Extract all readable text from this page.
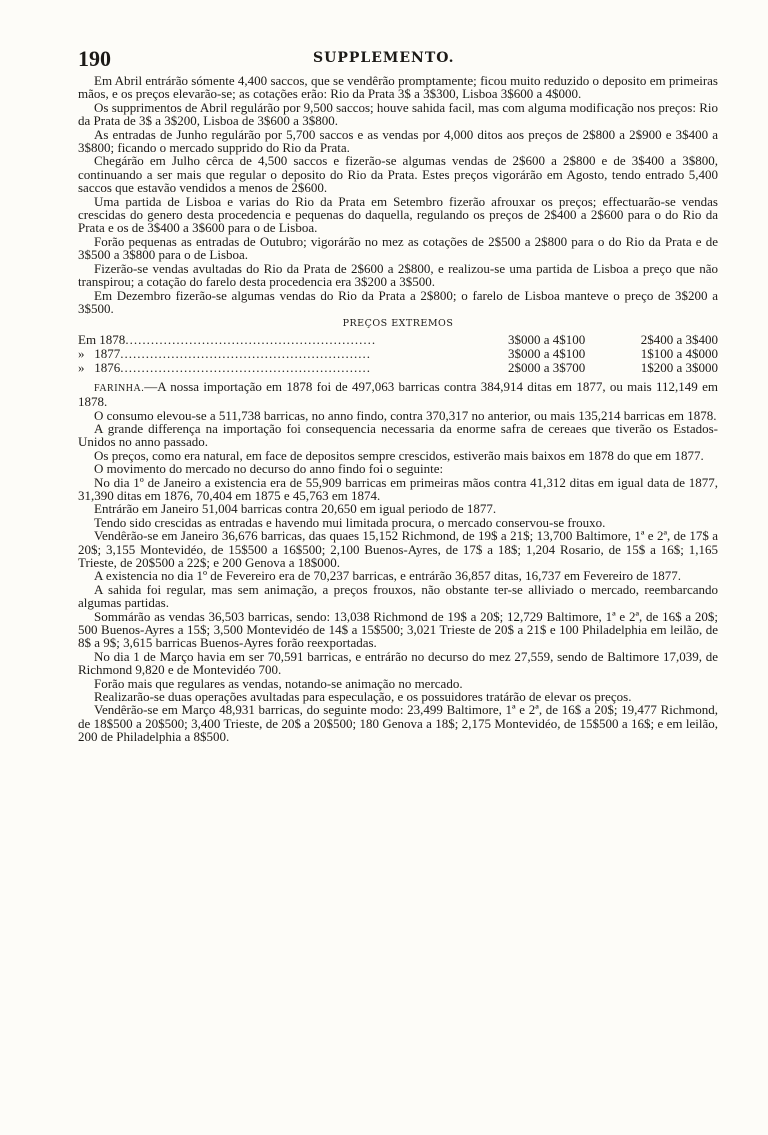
190	SUPPLEMENTO.

Em Abril entrárão sómente 4,400 saccos, que se vendêrão promptamente; ficou muito reduzido o deposito em primeiras mãos, e os preços elevarão-se; as cotações erão: Rio da Prata 3$ a 3$300, Lisboa 3$600 a 4$000.

Os supprimentos de Abril regulárão por 9,500 saccos; houve sahida facil, mas com alguma modificação nos preços: Rio da Prata de 3$ a 3$200, Lisboa de 3$600 a 3$800.

As entradas de Junho regulárão por 5,700 saccos e as vendas por 4,000 ditos aos preços de 2$800 a 2$900 e 3$400 a 3$800; ficando o mercado supprido do Rio da Prata.

Chegárão em Julho cêrca de 4,500 saccos e fizerão-se algumas vendas de 2$600 a 2$800 e de 3$400 a 3$800, continuando a ser mais que regular o deposito do Rio da Prata. Estes preços vigorárão em Agosto, tendo entrado 5,400 saccos que estavão vendidos a menos de 2$600.

Uma partida de Lisboa e varias do Rio da Prata em Setembro fizerão afrouxar os preços; effectuarão-se vendas crescidas do genero desta procedencia e pequenas do daquella, regulando os preços de 2$400 a 2$600 para o do Rio da Prata e os de 3$400 a 3$600 para o de Lisboa.

Forão pequenas as entradas de Outubro; vigorárão no mez as cotações de 2$500 a 2$800 para o do Rio da Prata e de 3$500 a 3$800 para o de Lisboa.

Fizerão-se vendas avultadas do Rio da Prata de 2$600 a 2$800, e realizou-se uma partida de Lisboa a preço que não transpirou; a cotação do farelo desta procedencia era 3$200 a 3$500.

Em Dezembro fizerão-se algumas vendas do Rio da Prata a 2$800; o farelo de Lisboa manteve o preço de 3$200 a 3$500.

PREÇOS EXTREMOS
Em 1878...........................................................	3$000 a 4$100	2$400 a 3$400
»   1877...........................................................	3$000 a 4$100	1$100 a 4$000
»   1876...........................................................	2$000 a 3$700	1$200 a 3$000

FARINHA.—A nossa importação em 1878 foi de 497,063 barricas contra 384,914 ditas em 1877, ou mais 112,149 em 1878.

O consumo elevou-se a 511,738 barricas, no anno findo, contra 370,317 no anterior, ou mais 135,214 barricas em 1878.

A grande differença na importação foi consequencia necessaria da enorme safra de cereaes que tiverão os Estados-Unidos no anno passado.

Os preços, como era natural, em face de depositos sempre crescidos, estiverão mais baixos em 1878 do que em 1877.

O movimento do mercado no decurso do anno findo foi o seguinte:

No dia 1º de Janeiro a existencia era de 55,909 barricas em primeiras mãos contra 41,312 ditas em igual data de 1877, 31,390 ditas em 1876, 70,404 em 1875 e 45,763 em 1874.

Entrárão em Janeiro 51,004 barricas contra 20,650 em igual periodo de 1877.

Tendo sido crescidas as entradas e havendo mui limitada procura, o mercado conservou-se frouxo.

Vendêrão-se em Janeiro 36,676 barricas, das quaes 15,152 Richmond, de 19$ a 21$; 13,700 Baltimore, 1ª e 2ª, de 17$ a 20$; 3,155 Montevidéo, de 15$500 a 16$500; 2,100 Buenos-Ayres, de 17$ a 18$; 1,204 Rosario, de 15$ a 16$; 1,165 Trieste, de 20$500 a 22$; e 200 Genova a 18$000.

A existencia no dia 1º de Fevereiro era de 70,237 barricas, e entrárão 36,857 ditas, 16,737 em Fevereiro de 1877.

A sahida foi regular, mas sem animação, a preços frouxos, não obstante ter-se alliviado o mercado, reembarcando algumas partidas.

Sommárão as vendas 36,503 barricas, sendo: 13,038 Richmond de 19$ a 20$; 12,729 Baltimore, 1ª e 2ª, de 16$ a 20$; 500 Buenos-Ayres a 15$; 3,500 Montevidéo de 14$ a 15$500; 3,021 Trieste de 20$ a 21$ e 100 Philadelphia em leilão, de 8$ a 9$; 3,615 barricas Buenos-Ayres forão reexportadas.

No dia 1 de Março havia em ser 70,591 barricas, e entrárão no decurso do mez 27,559, sendo de Baltimore 17,039, de Richmond 9,820 e de Montevidéo 700.

Forão mais que regulares as vendas, notando-se animação no mercado.

Realizarão-se duas operações avultadas para especulação, e os possuidores tratárão de elevar os preços.

Vendêrão-se em Março 48,931 barricas, do seguinte modo: 23,499 Baltimore, 1ª e 2ª, de 16$ a 20$; 19,477 Richmond, de 18$500 a 20$500; 3,400 Trieste, de 20$ a 20$500; 180 Genova a 18$; 2,175 Montevidéo, de 15$500 a 16$; e em leilão, 200 de Philadelphia a 8$500.
